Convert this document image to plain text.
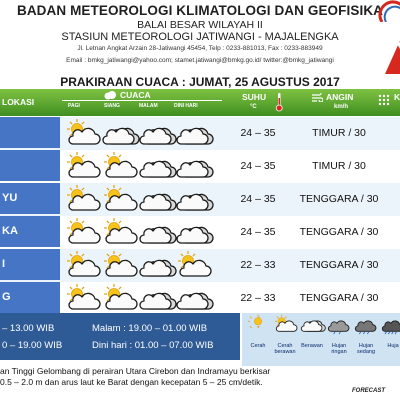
BADAN METEOROLOGI KLIMATOLOGI DAN GEOFISIKA
BALAI BESAR WILAYAH II
STASIUN METEOROLOGI JATIWANGI - MAJALENGKA
Jl. Letnan Angkat Arzain 28-Jatiwangi 45454, Telp : 0233-881013, Fax : 0233-883949
Email : bmkg_jatiwangi@yahoo.com; stamet.jatiwangi@bmkg.go.id/ twitter:@bmkg_jatiwangi
PRAKIRAAN CUACA : JUMAT, 25 AGUSTUS 2017
LOKASI
CUACA
PAGI	SIANG	MALAM	DINI HARI
SUHU
°C
ANGIN
km/h
K
24 – 35	TIMUR / 30
24 – 35	TIMUR / 30
YU	24 – 35	TENGGARA / 30
KA	24 – 35	TENGGARA / 30
I	22 – 33	TENGGARA / 30
G	22 – 33	TENGGARA / 30
– 13.00 WIB
0 – 19.00 WIB
Malam : 19.00 – 01.00 WIB
Dini hari : 01.00 – 07.00 WIB	Cerah	Cerah berawan
Berawan	Hujan ringan
Hujan sedang
Huja
an Tinggi Gelombang di perairan Utara Cirebon dan Indramayu berkisar
0.5 – 2.0 m dan arus laut ke Barat dengan kecepatan 5 – 25 cm/detik.
FORECAST
